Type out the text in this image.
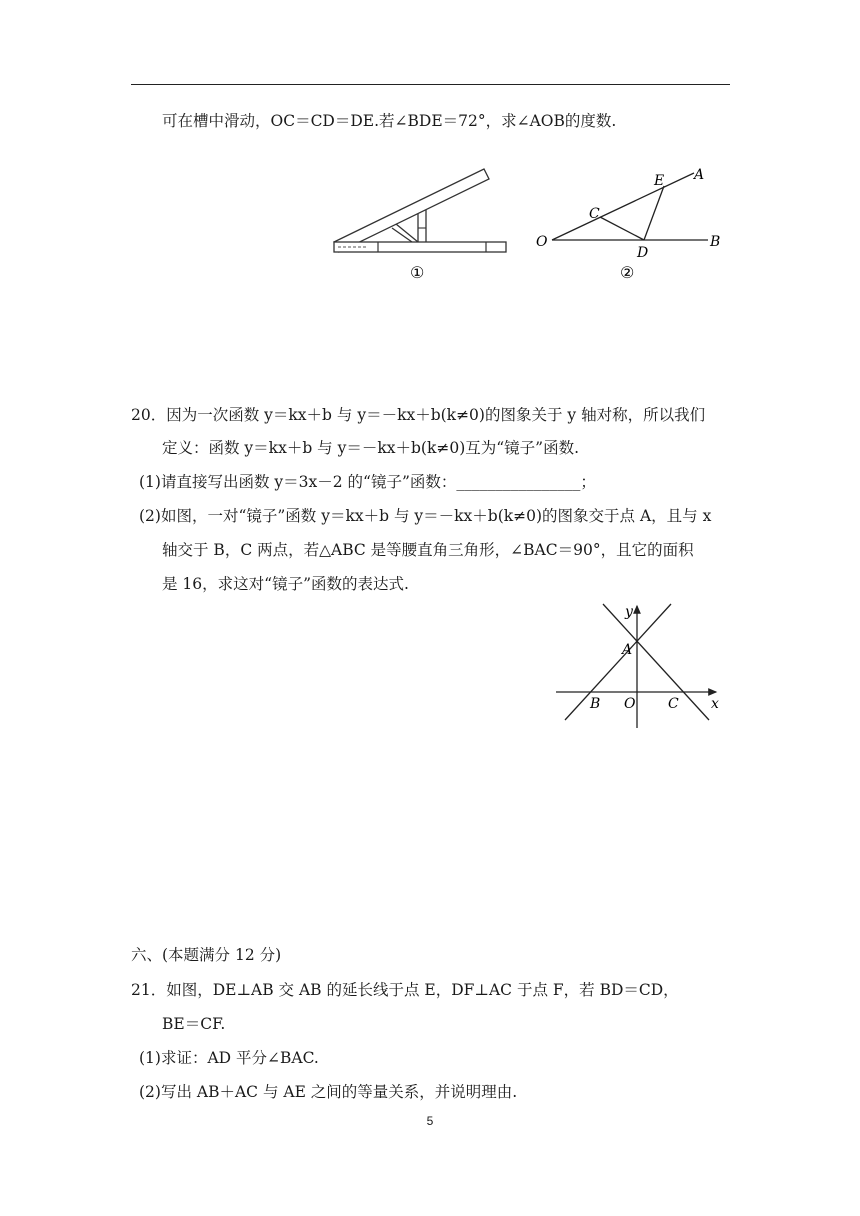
可在槽中滑动，OC＝CD＝DE.若∠BDE＝72°，求∠AOB的度数.
①
O
C
D
E A
B
②
20．因为一次函数 y＝kx＋b 与 y＝－kx＋b(k≠0)的图象关于 y 轴对称，所以我们
定义：函数 y＝kx＋b 与 y＝－kx＋b(k≠0)互为“镜子”函数.
(1)请直接写出函数 y＝3x－2 的“镜子”函数：________________；
(2)如图，一对“镜子”函数 y＝kx＋b 与 y＝－kx＋b(k≠0)的图象交于点 A，且与 x
轴交于 B，C 两点，若△ABC 是等腰直角三角形，∠BAC＝90°，且它的面积
是 16，求这对“镜子”函数的表达式.
y
x
A
B O C
六、(本题满分 12 分)
21．如图，DE⊥AB 交 AB 的延长线于点 E，DF⊥AC 于点 F，若 BD＝CD，
BE＝CF.
(1)求证：AD 平分∠BAC.
(2)写出 AB＋AC 与 AE 之间的等量关系，并说明理由.
5
